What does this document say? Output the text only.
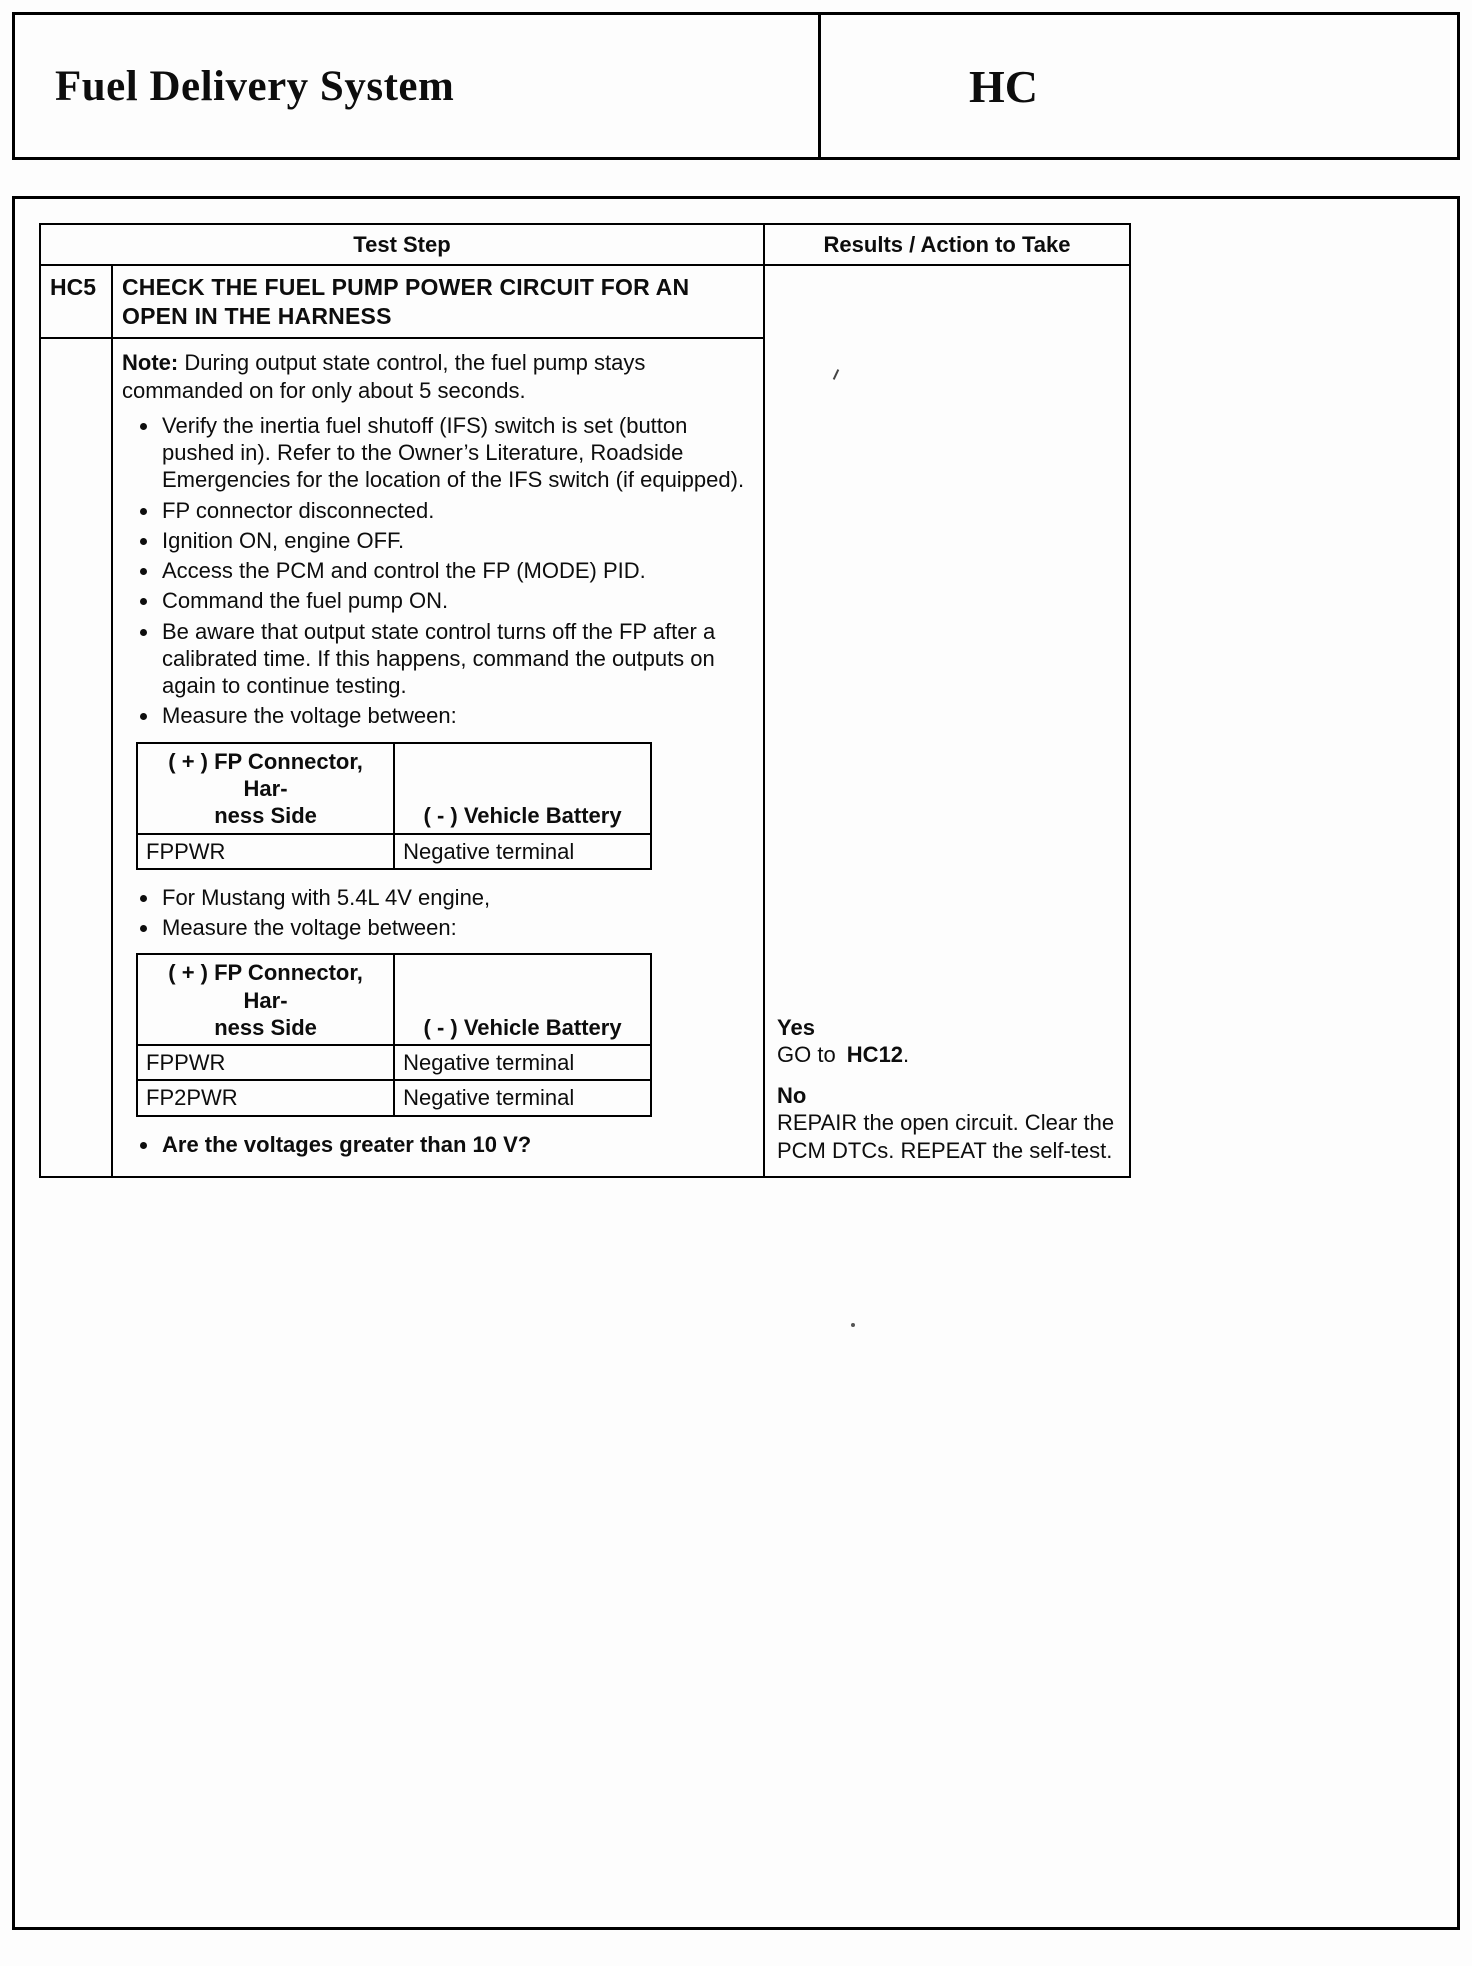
Fuel Delivery System	HC
Test Step	Results / Action to Take
HC5	CHECK THE FUEL PUMP POWER CIRCUIT FOR AN OPEN IN THE HARNESS
Note: During output state control, the fuel pump stays commanded on for only about 5 seconds.
• Verify the inertia fuel shutoff (IFS) switch is set (button pushed in). Refer to the Owner’s Literature, Roadside Emergencies for the location of the IFS switch (if equipped).
• FP connector disconnected.
• Ignition ON, engine OFF.
• Access the PCM and control the FP (MODE) PID.
• Command the fuel pump ON.
• Be aware that output state control turns off the FP after a calibrated time. If this happens, command the outputs on again to continue testing.
• Measure the voltage between:
( + ) FP Connector, Har-
ness Side	( - ) Vehicle Battery
FPPWR	Negative terminal
• For Mustang with 5.4L 4V engine,
• Measure the voltage between:
( + ) FP Connector, Har-
ness Side	( - ) Vehicle Battery
FPPWR	Negative terminal
FP2PWR	Negative terminal
• Are the voltages greater than 10 V?
Yes
GO to HC12.
No
REPAIR the open circuit. Clear the PCM DTCs. REPEAT the self-test.
